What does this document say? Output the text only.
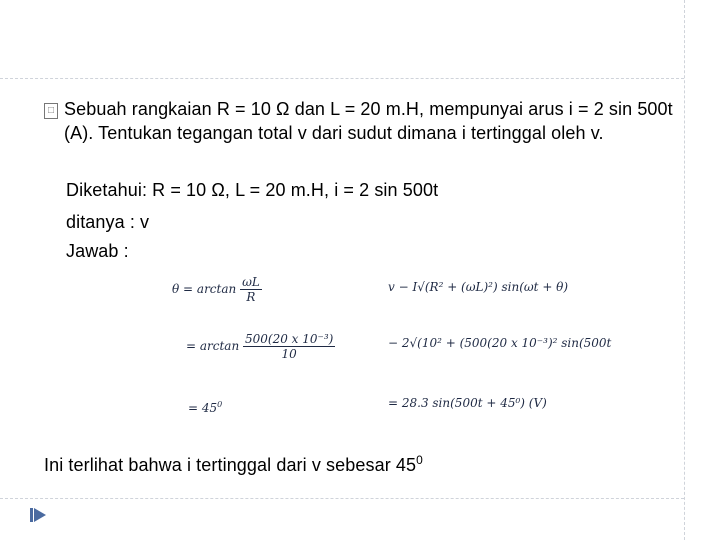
□ Sebuah rangkaian R = 10 Ω dan L = 20 m.H, mempunyai arus i = 2 sin 500t (A). Tentukan tegangan total v dari sudut dimana i tertinggal oleh v.
Diketahui: R = 10 Ω, L = 20 m.H, i = 2 sin 500t
ditanya : v
Jawab :
$\theta = \arctan \frac{\omega L}{R}$
= $\arctan \frac{\text{500(20 x 10⁻³)}}{10}$
= $45^0$
v − I√(R² + (ωL)²) sin(ωt + θ)
− 2√(10² + (500(20 x 10⁻³)² sin(500t
= 28.3 sin(500t + 45⁰) (V)
Ini terlihat bahwa i tertinggal dari v sebesar $45^0$
